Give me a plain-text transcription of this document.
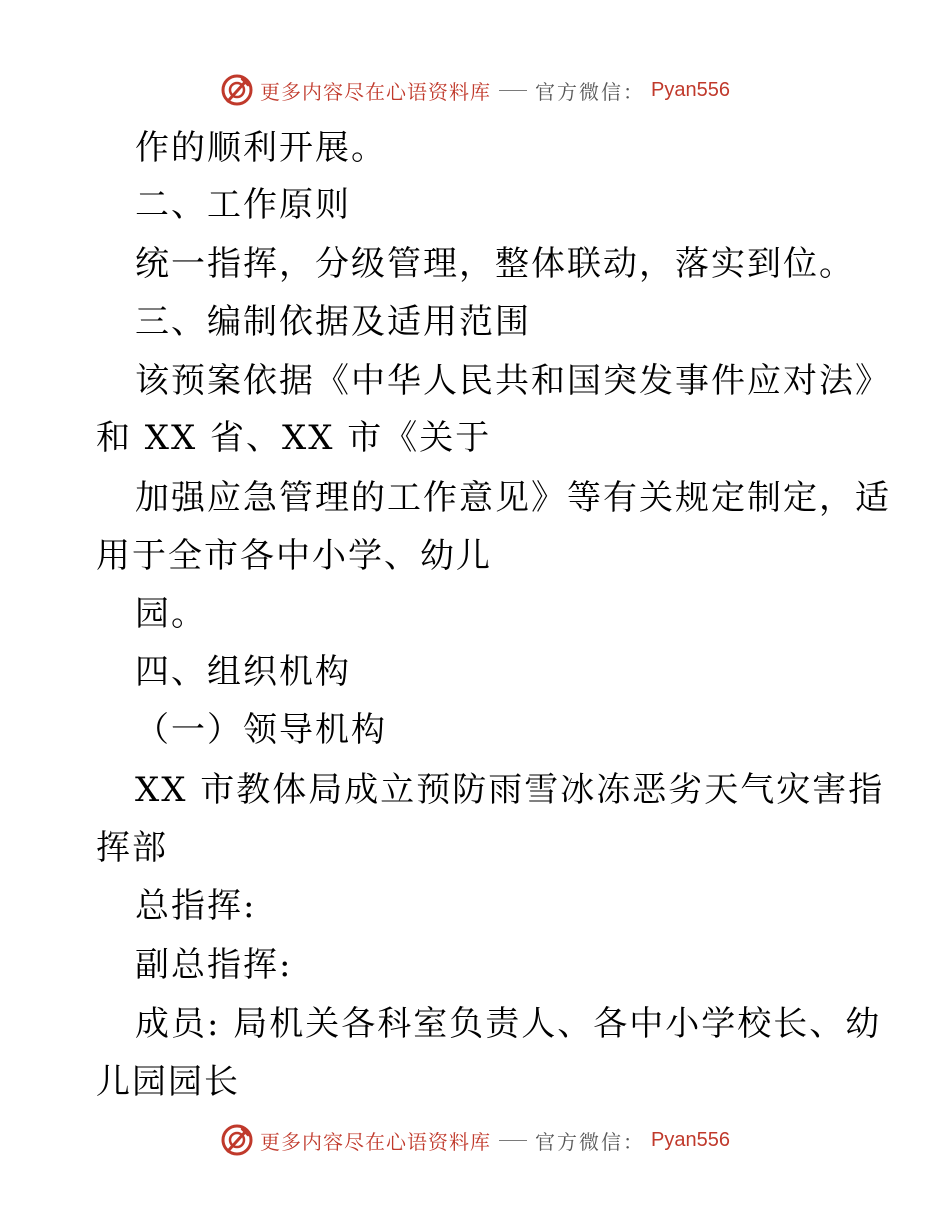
更多内容尽在心语资料库 官方微信： Pyan556
作的顺利开展。
二、工作原则
统一指挥，分级管理，整体联动，落实到位。
三、编制依据及适用范围
该预案依据《中华人民共和国突发事件应对法》
和 XX 省、XX 市《关于
加强应急管理的工作意见》等有关规定制定，适
用于全市各中小学、幼儿
园。
四、组织机构
（一）领导机构
XX 市教体局成立预防雨雪冰冻恶劣天气灾害指
挥部
总指挥:
副总指挥:
成员: 局机关各科室负责人、各中小学校长、幼
儿园园长
更多内容尽在心语资料库 官方微信： Pyan556
